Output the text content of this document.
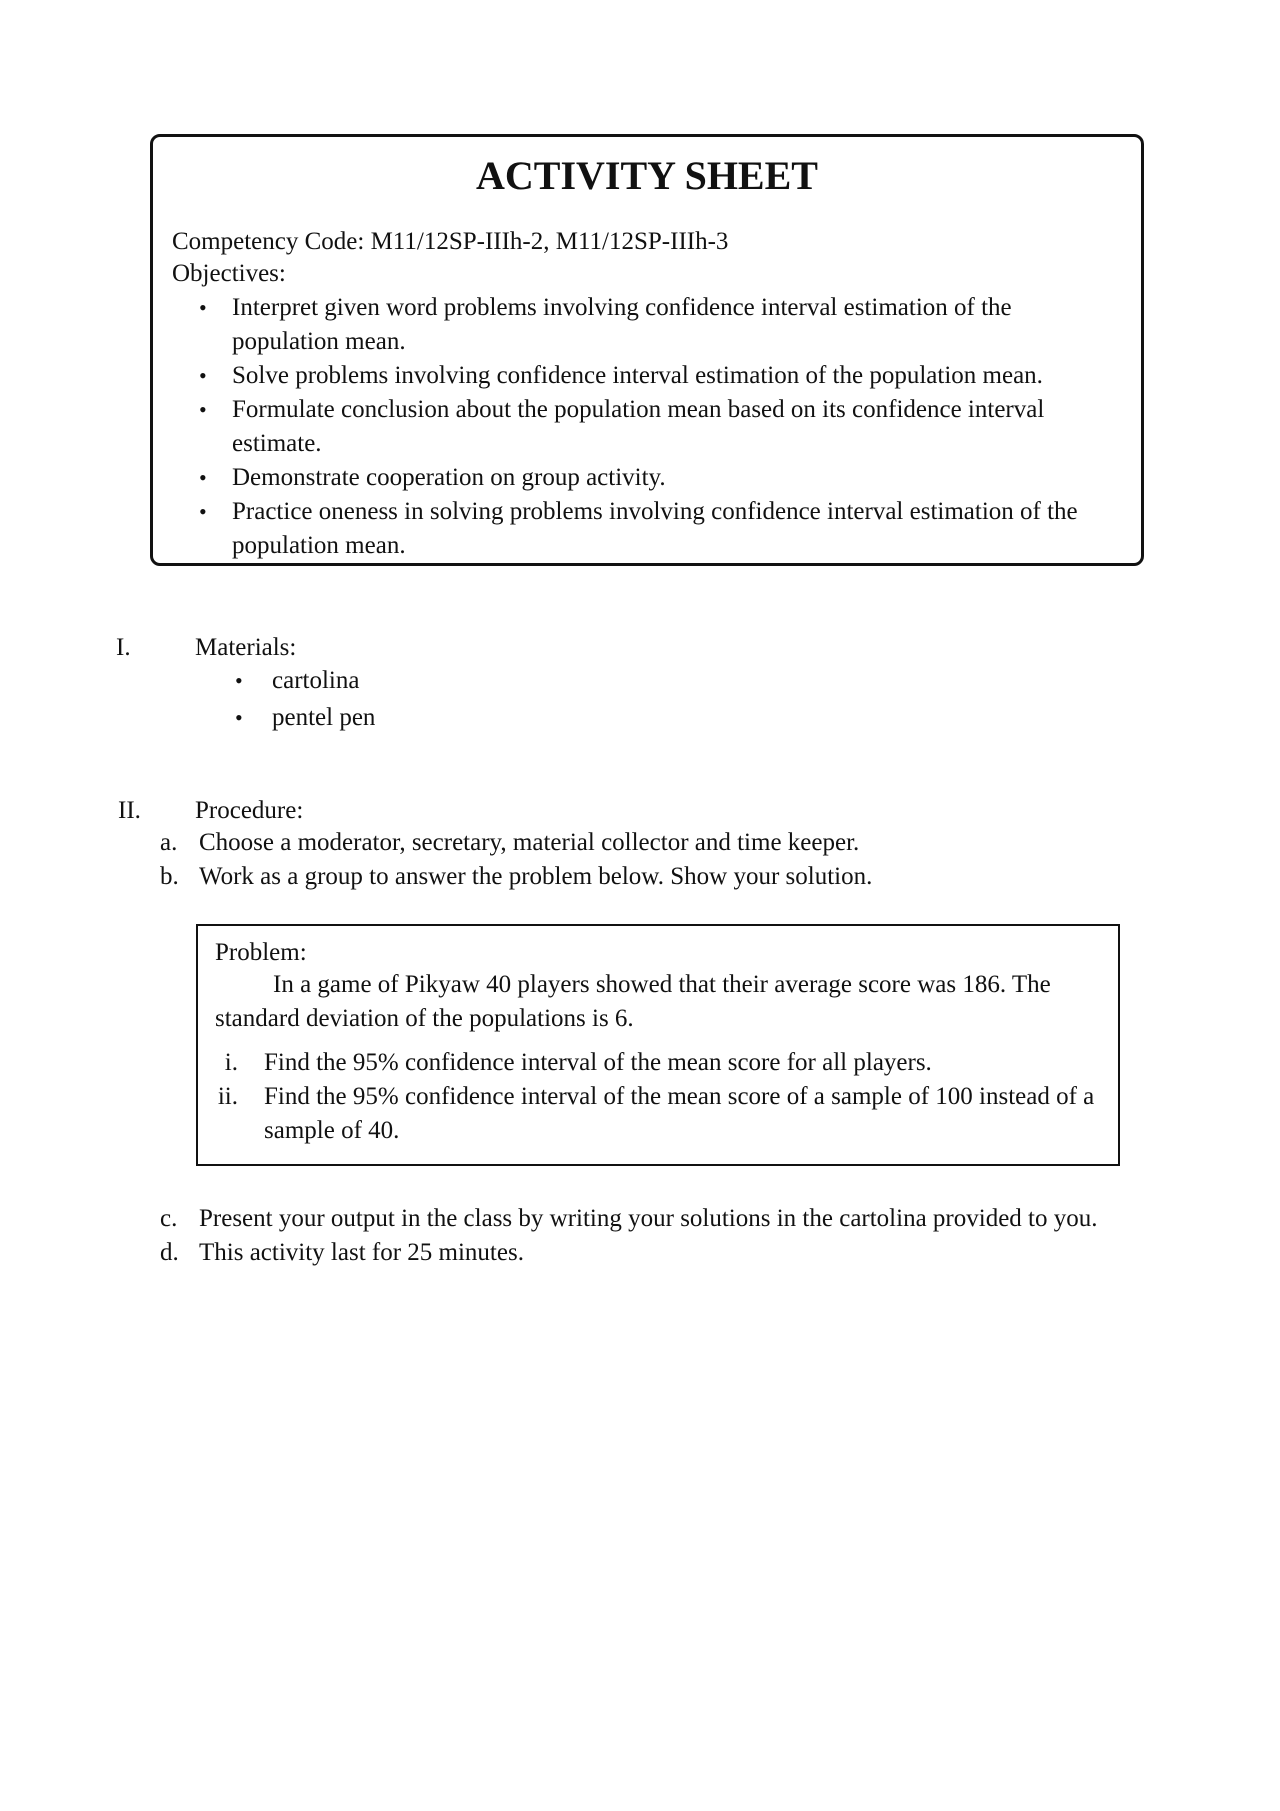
ACTIVITY SHEET
Competency Code: M11/12SP-IIIh-2, M11/12SP-IIIh-3
Objectives:
• Interpret given word problems involving confidence interval estimation of the population mean.
• Solve problems involving confidence interval estimation of the population mean.
• Formulate conclusion about the population mean based on its confidence interval estimate.
• Demonstrate cooperation on group activity.
• Practice oneness in solving problems involving confidence interval estimation of the population mean.
I.	Materials:
• cartolina
• pentel pen
II.	Procedure:
a. Choose a moderator, secretary, material collector and time keeper.
b. Work as a group to answer the problem below. Show your solution.
Problem:

In a game of Pikyaw 40 players showed that their average score was 186. The standard deviation of the populations is 6.

i. Find the 95% confidence interval of the mean score for all players.
ii. Find the 95% confidence interval of the mean score of a sample of 100 instead of a sample of 40.
c. Present your output in the class by writing your solutions in the cartolina provided to you.
d. This activity last for 25 minutes.
